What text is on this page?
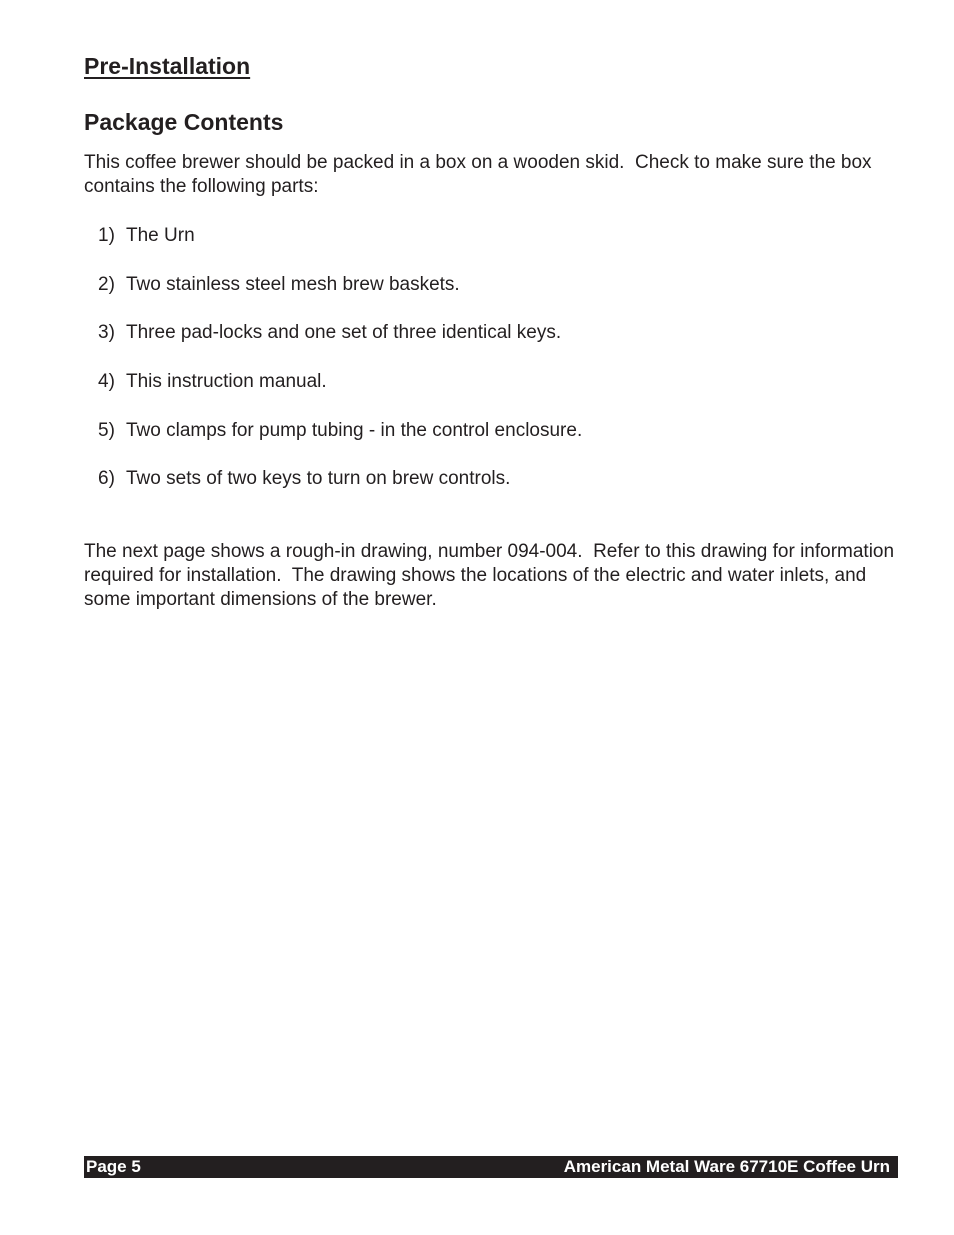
Pre-Installation
Package Contents

This coffee brewer should be packed in a box on a wooden skid.  Check to make sure the box contains the following parts:

1) The Urn
2) Two stainless steel mesh brew baskets.
3) Three pad-locks and one set of three identical keys.
4) This instruction manual.
5) Two clamps for pump tubing - in the control enclosure.
6) Two sets of two keys to turn on brew controls.

The next page shows a rough-in drawing, number 094-004.  Refer to this drawing for information required for installation.  The drawing shows the locations of the electric and water inlets, and some important dimensions of the brewer.

Page 5	American Metal Ware 67710E Coffee Urn
